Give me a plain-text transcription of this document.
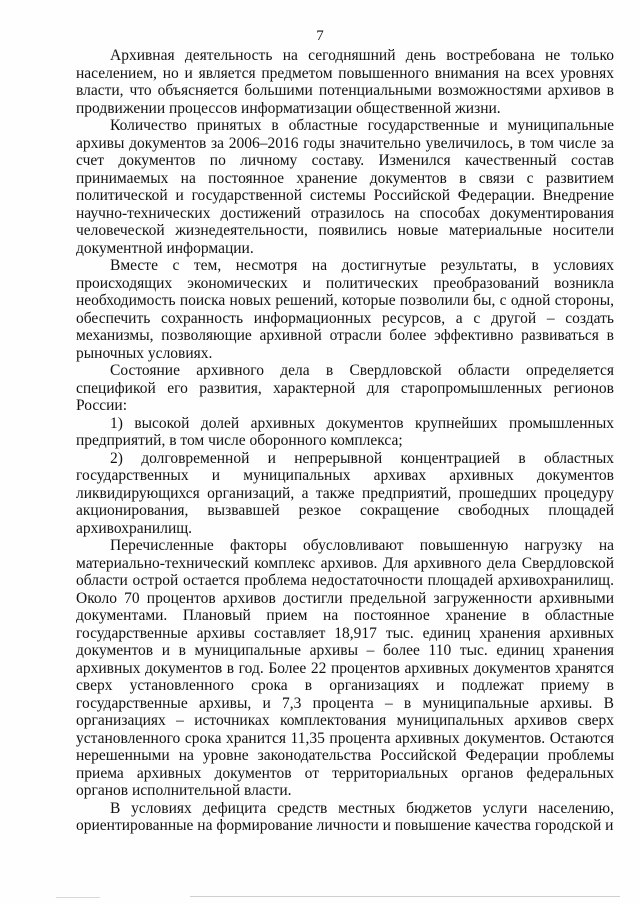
7

Архивная деятельность на сегодняшний день востребована не только населением, но и является предметом повышенного внимания на всех уровнях власти, что объясняется большими потенциальными возможностями архивов в продвижении процессов информатизации общественной жизни.

Количество принятых в областные государственные и муниципальные архивы документов за 2006–2016 годы значительно увеличилось, в том числе за счет документов по личному составу. Изменился качественный состав принимаемых на постоянное хранение документов в связи с развитием политической и государственной системы Российской Федерации. Внедрение научно-технических достижений отразилось на способах документирования человеческой жизнедеятельности, появились новые материальные носители документной информации.

Вместе с тем, несмотря на достигнутые результаты, в условиях происходящих экономических и политических преобразований возникла необходимость поиска новых решений, которые позволили бы, с одной стороны, обеспечить сохранность информационных ресурсов, а с другой – создать механизмы, позволяющие архивной отрасли более эффективно развиваться в рыночных условиях.

Состояние архивного дела в Свердловской области определяется спецификой его развития, характерной для старопромышленных регионов России:

1) высокой долей архивных документов крупнейших промышленных предприятий, в том числе оборонного комплекса;

2) долговременной и непрерывной концентрацией в областных государственных и муниципальных архивах архивных документов ликвидирующихся организаций, а также предприятий, прошедших процедуру акционирования, вызвавшей резкое сокращение свободных площадей архивохранилищ.

Перечисленные факторы обусловливают повышенную нагрузку на материально-технический комплекс архивов. Для архивного дела Свердловской области острой остается проблема недостаточности площадей архивохранилищ. Около 70 процентов архивов достигли предельной загруженности архивными документами. Плановый прием на постоянное хранение в областные государственные архивы составляет 18,917 тыс. единиц хранения архивных документов и в муниципальные архивы – более 110 тыс. единиц хранения архивных документов в год. Более 22 процентов архивных документов хранятся сверх установленного срока в организациях и подлежат приему в государственные архивы, и 7,3 процента – в муниципальные архивы. В организациях – источниках комплектования муниципальных архивов сверх установленного срока хранится 11,35 процента архивных документов. Остаются нерешенными на уровне законодательства Российской Федерации проблемы приема архивных документов от территориальных органов федеральных органов исполнительной власти.

В условиях дефицита средств местных бюджетов услуги населению, ориентированные на формирование личности и повышение качества городской и
